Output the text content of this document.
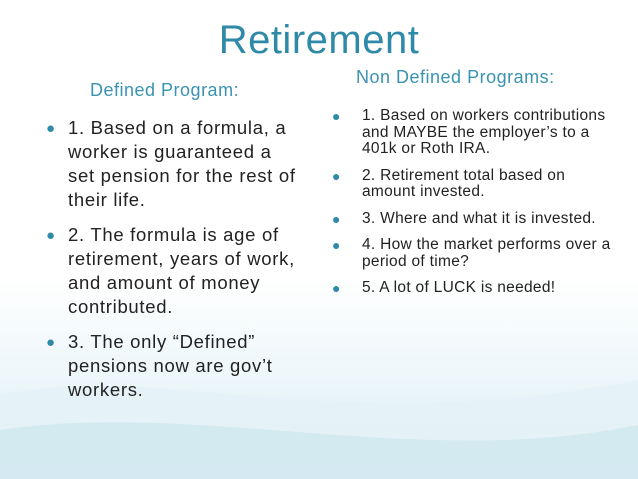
Retirement
Defined Program:
Non Defined Programs:
● 1. Based on a formula, a worker is guaranteed a set pension for the rest of their life.
● 2. The formula is age of retirement, years of work, and amount of money contributed.
● 3. The only “Defined” pensions now are gov’t workers.
● 1. Based on workers contributions and MAYBE the employer’s to a 401k or Roth IRA.
● 2. Retirement total based on amount invested.
● 3. Where and what it is invested.
● 4. How the market performs over a period of time?
● 5. A lot of LUCK is needed!
